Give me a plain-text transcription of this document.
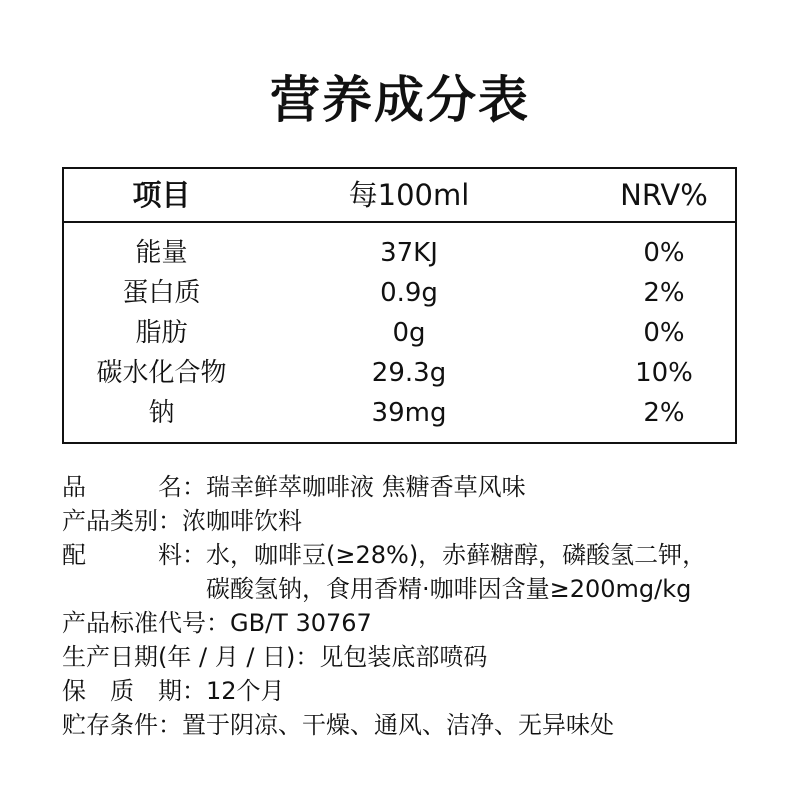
营养成分表
项目	每100ml	NRV%
能量	37KJ	0%
蛋白质	0.9g	2%
脂肪	0g	0%
碳水化合物	29.3g	10%
钠	39mg	2%
品名： 瑞幸鲜萃咖啡液 焦糖香草风味
产品类别： 浓咖啡饮料
配料： 水，咖啡豆(≥28%)，赤藓糖醇，磷酸氢二钾，
碳酸氢钠，食用香精·咖啡因含量≥200mg/kg
产品标准代号： GB/T 30767
生产日期(年 / 月 / 日)： 见包装底部喷码
保质期： 12个月
贮存条件： 置于阴凉、干燥、通风、洁净、无异味处
